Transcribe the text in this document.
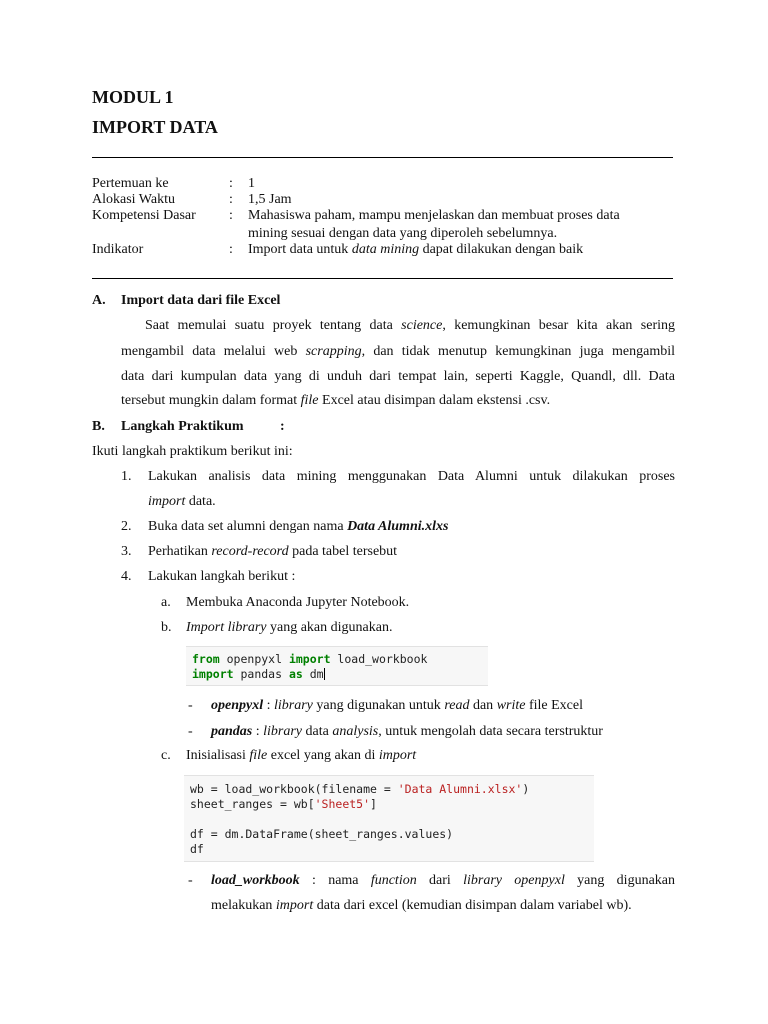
MODUL 1
IMPORT DATA
Pertemuan ke	: 1
Alokasi Waktu	: 1,5 Jam
Kompetensi Dasar : Mahasiswa paham, mampu menjelaskan dan membuat proses data
mining sesuai dengan data yang diperoleh sebelumnya.
Indikator	: Import data untuk data mining dapat dilakukan dengan baik
A. Import data dari file Excel
Saat memulai suatu proyek tentang data science, kemungkinan besar kita akan sering
mengambil data melalui web scrapping, dan tidak menutup kemungkinan juga mengambil
data dari kumpulan data yang di unduh dari tempat lain, seperti Kaggle, Quandl, dll. Data
tersebut mungkin dalam format file Excel atau disimpan dalam ekstensi .csv.
B. Langkah Praktikum	:
Ikuti langkah praktikum berikut ini:
1. Lakukan analisis data mining menggunakan Data Alumni untuk dilakukan proses
import data.
2. Buka data set alumni dengan nama Data Alumni.xlxs
3. Perhatikan record-record pada tabel tersebut
4. Lakukan langkah berikut :
a. Membuka Anaconda Jupyter Notebook.
b. Import library yang akan digunakan.
from openpyxl import load_workbook
import pandas as dm
- openpyxl : library yang digunakan untuk read dan write file Excel
- pandas : library data analysis, untuk mengolah data secara terstruktur
c. Inisialisasi file excel yang akan di import
wb = load_workbook(filename = 'Data Alumni.xlsx')
sheet_ranges = wb['Sheet5']
df = dm.DataFrame(sheet_ranges.values)
df
- load_workbook : nama function dari library openpyxl yang digunakan
melakukan import data dari excel (kemudian disimpan dalam variabel wb).
